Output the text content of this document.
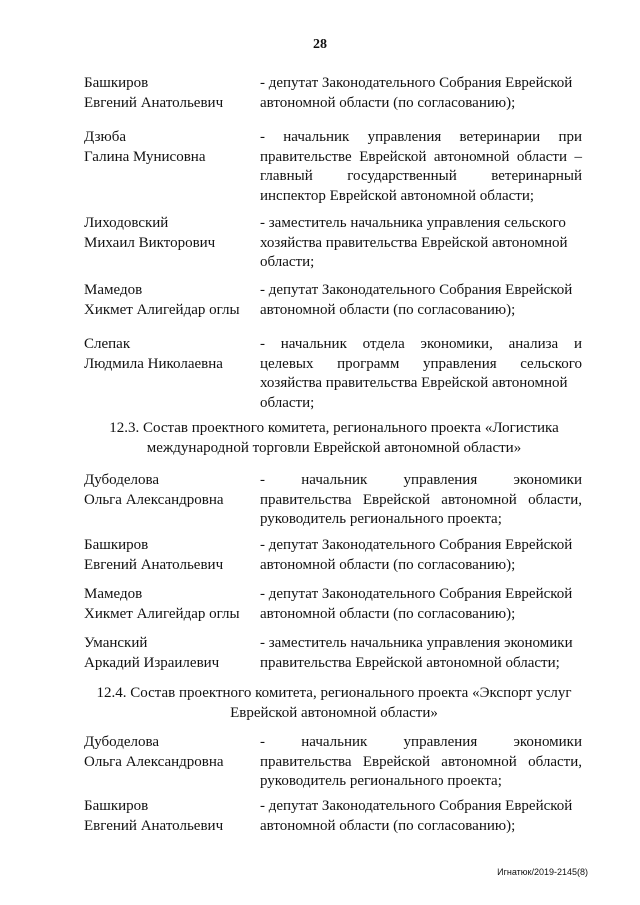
28
Башкиров
Евгений Анатольевич
- депутат Законодательного Собрания Еврейской
автономной области (по согласованию);
Дзюба
Галина Мунисовна
- начальник управления ветеринарии при
правительстве Еврейской автономной области –
главный государственный ветеринарный
инспектор Еврейской автономной области;
Лиходовский
Михаил Викторович
- заместитель начальника управления сельского
хозяйства правительства Еврейской автономной
области;
Мамедов
Хикмет Алигейдар оглы
- депутат Законодательного Собрания Еврейской
автономной области (по согласованию);
Слепак
Людмила Николаевна
- начальник отдела экономики, анализа и
целевых программ управления сельского
хозяйства правительства Еврейской автономной
области;
12.3. Состав проектного комитета, регионального проекта «Логистика
международной торговли Еврейской автономной области»
Дубоделова
Ольга Александровна
- начальник управления экономики
правительства Еврейской автономной области,
руководитель регионального проекта;
Башкиров
Евгений Анатольевич
- депутат Законодательного Собрания Еврейской
автономной области (по согласованию);
Мамедов
Хикмет Алигейдар оглы
- депутат Законодательного Собрания Еврейской
автономной области (по согласованию);
Уманский
Аркадий Израилевич
- заместитель начальника управления экономики
правительства Еврейской автономной области;
12.4. Состав проектного комитета, регионального проекта «Экспорт услуг
Еврейской автономной области»
Дубоделова
Ольга Александровна
- начальник управления экономики
правительства Еврейской автономной области,
руководитель регионального проекта;
Башкиров
Евгений Анатольевич
- депутат Законодательного Собрания Еврейской
автономной области (по согласованию);
Игнатюк/2019-2145(8)
